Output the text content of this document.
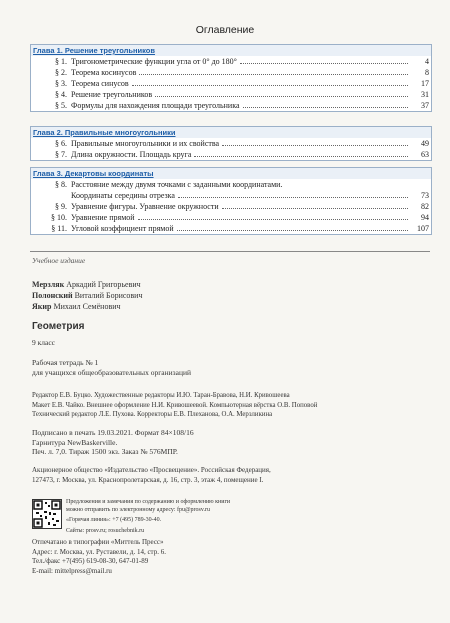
Оглавление
Глава 1. Решение треугольников
§ 1. Тригонометрические функции угла от 0° до 180°	4
§ 2. Теорема косинусов	8
§ 3. Теорема синусов	17
§ 4. Решение треугольников	31
§ 5. Формулы для нахождения площади треугольника	37
Глава 2. Правильные многоугольники
§ 6. Правильные многоугольники и их свойства	49
§ 7. Длина окружности. Площадь круга	63
Глава 3. Декартовы координаты
§ 8. Расстояние между двумя точками с заданными координатами.
Координаты середины отрезка	73
§ 9. Уравнение фигуры. Уравнение окружности	82
§ 10. Уравнение прямой	94
§ 11. Угловой коэффициент прямой	107
Учебное издание
Мерзляк Аркадий Григорьевич
Полонский Виталий Борисович
Якир Михаил Семёнович
Геометрия
9 класс
Рабочая тетрадь № 1
для учащихся общеобразовательных организаций
Редактор Е.В. Буцко. Художественные редакторы И.Ю. Таран-Бравова, Н.И. Кривошеева
Макет Е.В. Чайко. Внешнее оформление Н.И. Кривошеевой. Компьютерная вёрстка О.В. Поповой
Технический редактор Л.Е. Пухова. Корректоры Е.В. Плеханова, О.А. Мерзликина
Подписано в печать 19.03.2021. Формат 84×108/16
Гарнитура NewBaskerville.
Печ. л. 7,0. Тираж 1500 экз. Заказ № 576МПР.
Акционерное общество «Издательство «Просвещение». Российская Федерация,
127473, г. Москва, ул. Краснопролетарская, д. 16, стр. 3, этаж 4, помещение I.
Предложения и замечания по содержанию и оформлению книги
можно отправить по электронному адресу: fpu@prosv.ru
«Горячая линия»: +7 (495) 789-30-40.
Сайты: prosv.ru; rosuchebnik.ru
Отпечатано в типографии «Миттель Пресс»
Адрес: г. Москва, ул. Руставели, д. 14, стр. 6.
Тел./факс +7(495) 619-08-30, 647-01-89
E-mail: mittelpress@mail.ru
